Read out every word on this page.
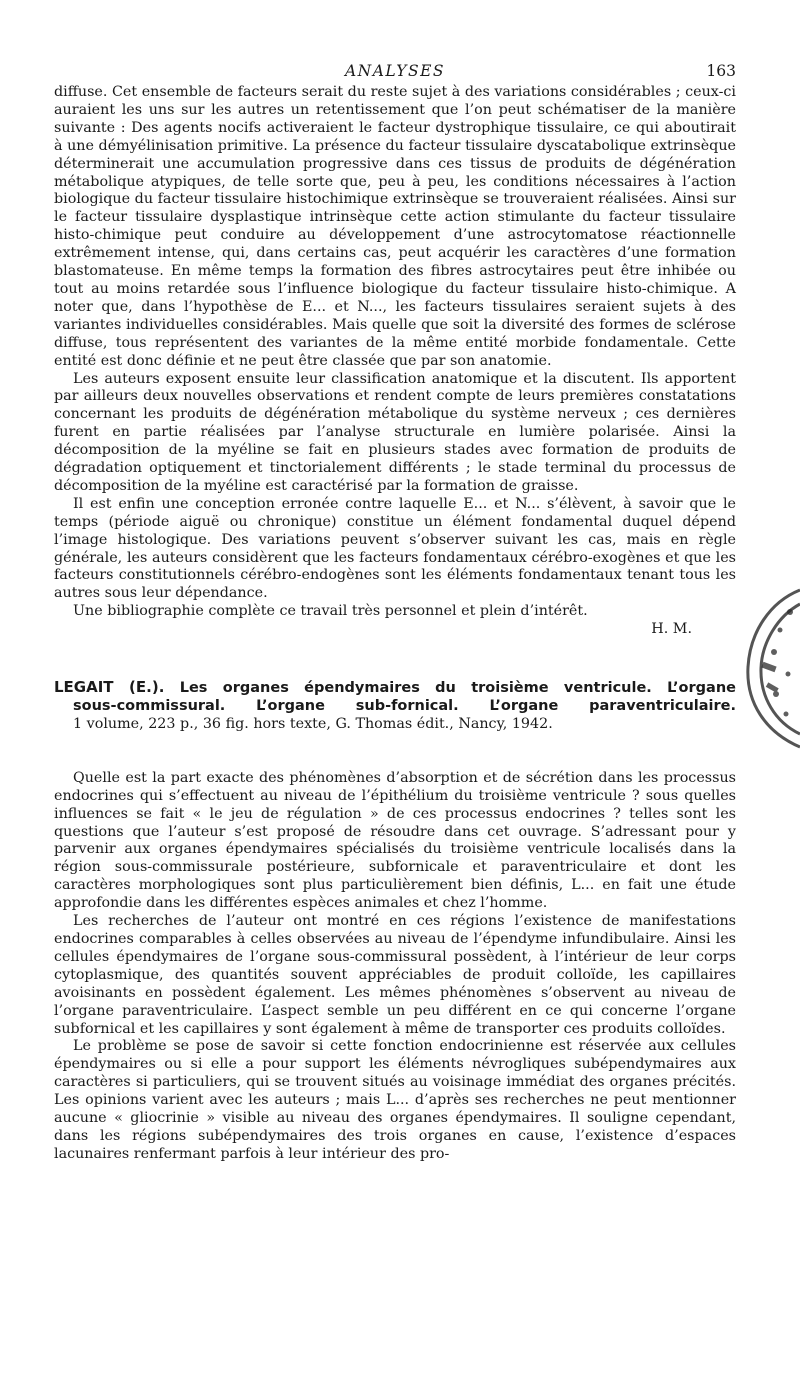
ANALYSES	163

diffuse. Cet ensemble de facteurs serait du reste sujet à des variations considérables ; ceux-ci auraient les uns sur les autres un retentissement que l’on peut schématiser de la manière suivante : Des agents nocifs activeraient le facteur dystrophique tissulaire, ce qui aboutirait à une démyélinisation primitive. La présence du facteur tissulaire dyscatabolique extrinsèque déterminerait une accumulation progressive dans ces tissus de produits de dégénération métabolique atypiques, de telle sorte que, peu à peu, les conditions nécessaires à l’action biologique du facteur tissulaire histochimique extrinsèque se trouveraient réalisées. Ainsi sur le facteur tissulaire dysplastique intrinsèque cette action stimulante du facteur tissulaire histo-chimique peut conduire au développement d’une astrocytomatose réactionnelle extrêmement intense, qui, dans certains cas, peut acquérir les caractères d’une formation blastomateuse. En même temps la formation des fibres astrocytaires peut être inhibée ou tout au moins retardée sous l’influence biologique du facteur tissulaire histo-chimique. A noter que, dans l’hypothèse de E... et N..., les facteurs tissulaires seraient sujets à des variantes individuelles considérables. Mais quelle que soit la diversité des formes de sclérose diffuse, tous représentent des variantes de la même entité morbide fondamentale. Cette entité est donc définie et ne peut être classée que par son anatomie.

Les auteurs exposent ensuite leur classification anatomique et la discutent. Ils apportent par ailleurs deux nouvelles observations et rendent compte de leurs premières constatations concernant les produits de dégénération métabolique du système nerveux ; ces dernières furent en partie réalisées par l’analyse structurale en lumière polarisée. Ainsi la décomposition de la myéline se fait en plusieurs stades avec formation de produits de dégradation optiquement et tinctorialement différents ; le stade terminal du processus de décomposition de la myéline est caractérisé par la formation de graisse.

Il est enfin une conception erronée contre laquelle E... et N... s’élèvent, à savoir que le temps (période aiguë ou chronique) constitue un élément fondamental duquel dépend l’image histologique. Des variations peuvent s’observer suivant les cas, mais en règle générale, les auteurs considèrent que les facteurs fondamentaux cérébro-exogènes et que les facteurs constitutionnels cérébro-endogènes sont les éléments fondamentaux tenant tous les autres sous leur dépendance.

Une bibliographie complète ce travail très personnel et plein d’intérêt.

H. M.
LEGAIT (E.). Les organes épendymaires du troisième ventricule. L’organe
sous-commissural. L’organe sub-fornical. L’organe paraventriculaire.
1 volume, 223 p., 36 fig. hors texte, G. Thomas édit., Nancy, 1942.

Quelle est la part exacte des phénomènes d’absorption et de sécrétion dans les processus endocrines qui s’effectuent au niveau de l’épithélium du troisième ventricule ? sous quelles influences se fait « le jeu de régulation » de ces processus endocrines ? telles sont les questions que l’auteur s’est proposé de résoudre dans cet ouvrage. S’adressant pour y parvenir aux organes épendymaires spécialisés du troisième ventricule localisés dans la région sous-commissurale postérieure, subfornicale et paraventriculaire et dont les caractères morphologiques sont plus particulièrement bien définis, L... en fait une étude approfondie dans les différentes espèces animales et chez l’homme.

Les recherches de l’auteur ont montré en ces régions l’existence de manifestations endocrines comparables à celles observées au niveau de l’épendyme infundibulaire. Ainsi les cellules épendymaires de l’organe sous-commissural possèdent, à l’intérieur de leur corps cytoplasmique, des quantités souvent appréciables de produit colloïde, les capillaires avoisinants en possèdent également. Les mêmes phénomènes s’observent au niveau de l’organe paraventriculaire. L’aspect semble un peu différent en ce qui concerne l’organe subfornical et les capillaires y sont également à même de transporter ces produits colloïdes.

Le problème se pose de savoir si cette fonction endocrinienne est réservée aux cellules épendymaires ou si elle a pour support les éléments névrogliques subépendymaires aux caractères si particuliers, qui se trouvent situés au voisinage immédiat des organes précités. Les opinions varient avec les auteurs ; mais L... d’après ses recherches ne peut mentionner aucune « gliocrinie » visible au niveau des organes épendymaires. Il souligne cependant, dans les régions subépendymaires des trois organes en cause, l’existence d’espaces lacunaires renfermant parfois à leur intérieur des pro-
